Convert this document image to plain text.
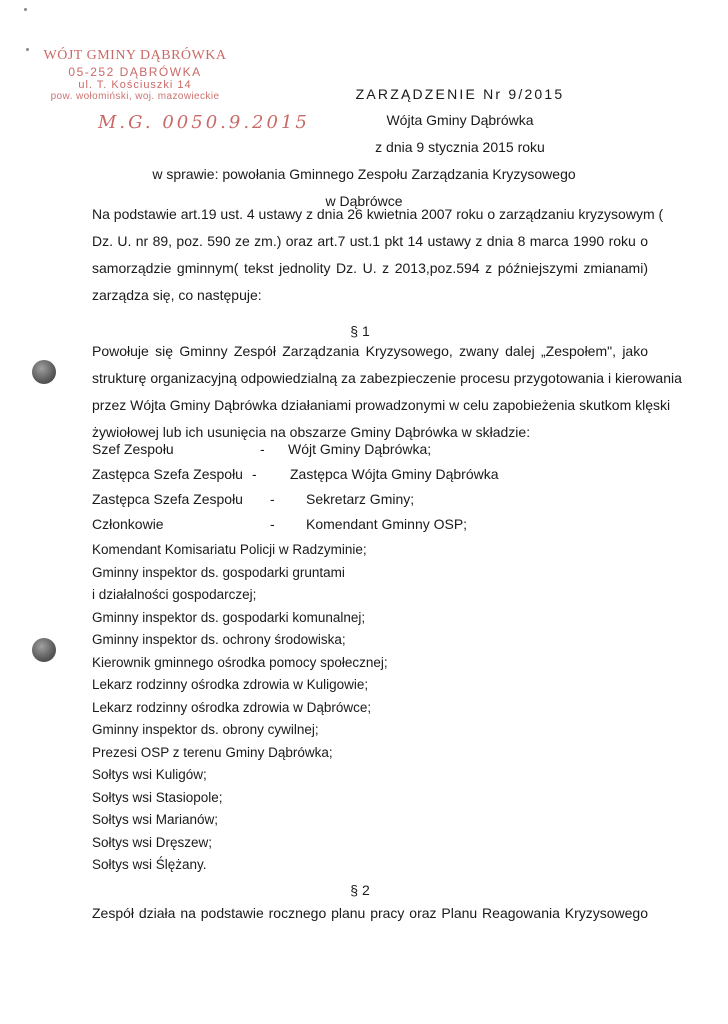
WÓJT GMINY DĄBRÓWKA
05-252 DĄBRÓWKA
ul. T. Kościuszki 14
pow. wołomiński, woj. mazowieckie
M.G. 0050.9.2015
ZARZĄDZENIE Nr 9/2015
Wójta Gminy Dąbrówka
z dnia 9 stycznia 2015 roku
w sprawie: powołania Gminnego Zespołu Zarządzania Kryzysowego
w Dąbrówce
Na podstawie art.19 ust. 4 ustawy z dnia 26 kwietnia 2007 roku o zarządzaniu kryzysowym (
Dz. U. nr 89, poz. 590 ze zm.) oraz art.7 ust.1 pkt 14 ustawy z dnia 8 marca 1990 roku o
samorządzie gminnym( tekst jednolity Dz. U. z 2013,poz.594 z późniejszymi zmianami)
zarządza się, co następuje:
§ 1
Powołuje się Gminny Zespół Zarządzania Kryzysowego, zwany dalej „Zespołem", jako
strukturę organizacyjną odpowiedzialną za zabezpieczenie procesu przygotowania i kierowania
przez Wójta Gminy Dąbrówka działaniami prowadzonymi w celu zapobieżenia skutkom klęski
żywiołowej lub ich usunięcia na obszarze Gminy Dąbrówka w składzie:
Szef Zespołu	- Wójt Gminy Dąbrówka;
Zastępca Szefa Zespołu - Zastępca Wójta Gminy Dąbrówka
Zastępca Szefa Zespołu - Sekretarz Gminy;
Członkowie	- Komendant Gminny OSP;
Komendant Komisariatu Policji w Radzyminie;
Gminny inspektor ds. gospodarki gruntami
i działalności gospodarczej;
Gminny inspektor ds. gospodarki komunalnej;
Gminny inspektor ds. ochrony środowiska;
Kierownik gminnego ośrodka pomocy społecznej;
Lekarz rodzinny ośrodka zdrowia w Kuligowie;
Lekarz rodzinny ośrodka zdrowia w Dąbrówce;
Gminny inspektor ds. obrony cywilnej;
Prezesi OSP z terenu Gminy Dąbrówka;
Sołtys wsi Kuligów;
Sołtys wsi Stasiopole;
Sołtys wsi Marianów;
Sołtys wsi Dręszew;
Sołtys wsi Ślężany.
§ 2
Zespół działa na podstawie rocznego planu pracy oraz Planu Reagowania Kryzysowego
